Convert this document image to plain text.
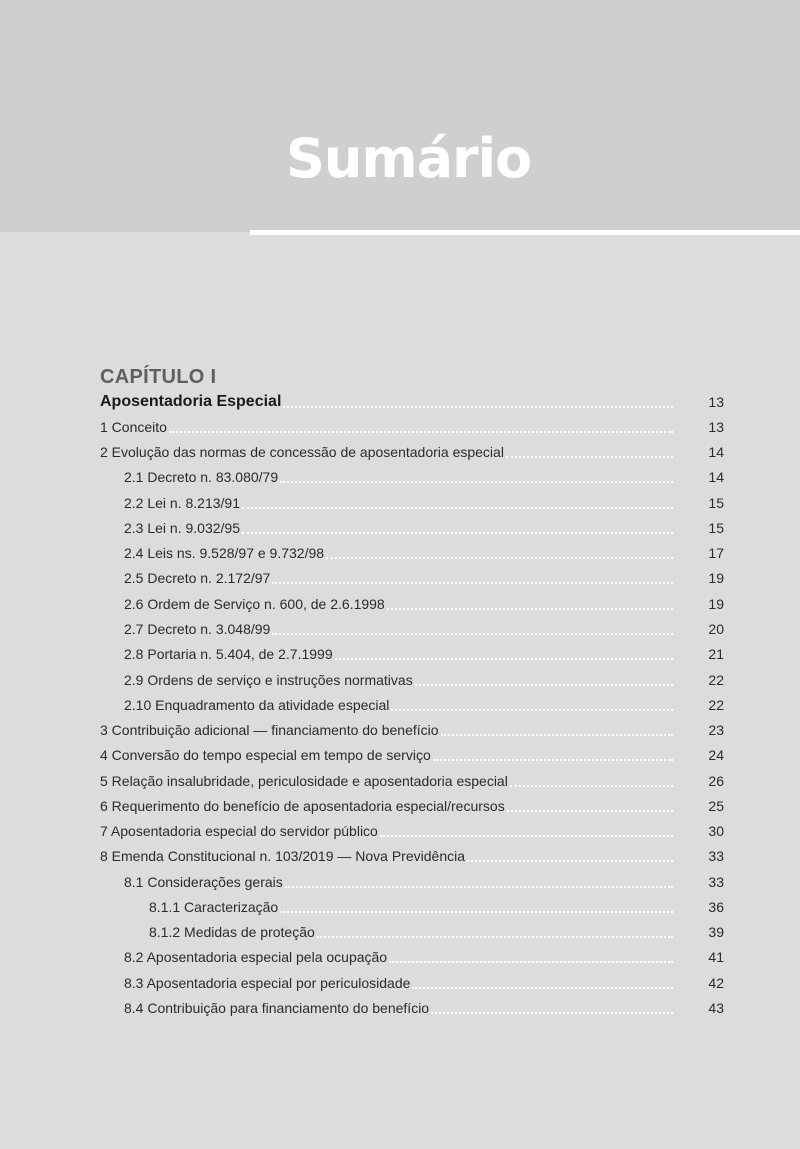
Sumário
CAPÍTULO I
Aposentadoria Especial	13
1 Conceito	13
2 Evolução das normas de concessão de aposentadoria especial	14
2.1 Decreto n. 83.080/79	14
2.2 Lei n. 8.213/91	15
2.3 Lei n. 9.032/95	15
2.4 Leis ns. 9.528/97 e 9.732/98	17
2.5 Decreto n. 2.172/97	19
2.6 Ordem de Serviço n. 600, de 2.6.1998	19
2.7 Decreto n. 3.048/99	20
2.8 Portaria n. 5.404, de 2.7.1999	21
2.9 Ordens de serviço e instruções normativas	22
2.10 Enquadramento da atividade especial	22
3 Contribuição adicional — financiamento do benefício	23
4 Conversão do tempo especial em tempo de serviço	24
5 Relação insalubridade, periculosidade e aposentadoria especial	26
6 Requerimento do benefício de aposentadoria especial/recursos	25
7 Aposentadoria especial do servidor público	30
8 Emenda Constitucional n. 103/2019 — Nova Previdência	33
8.1 Considerações gerais	33
8.1.1 Caracterização	36
8.1.2 Medidas de proteção	39
8.2 Aposentadoria especial pela ocupação	41
8.3 Aposentadoria especial por periculosidade	42
8.4 Contribuição para financiamento do benefício	43
